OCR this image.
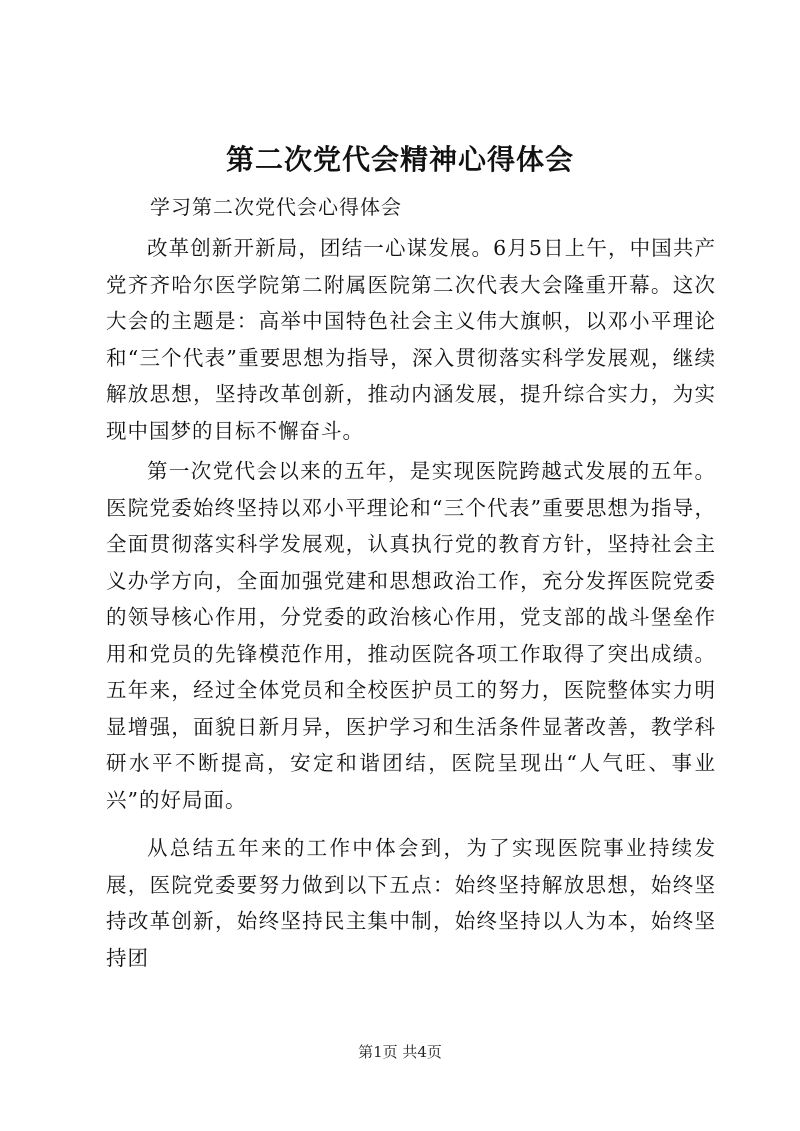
第二次党代会精神心得体会
学习第二次党代会心得体会

改革创新开新局，团结一心谋发展。6月5日上午，中国共产党齐齐哈尔医学院第二附属医院第二次代表大会隆重开幕。这次大会的主题是：高举中国特色社会主义伟大旗帜，以邓小平理论和“三个代表”重要思想为指导，深入贯彻落实科学发展观，继续解放思想，坚持改革创新，推动内涵发展，提升综合实力，为实现中国梦的目标不懈奋斗。

第一次党代会以来的五年，是实现医院跨越式发展的五年。医院党委始终坚持以邓小平理论和“三个代表”重要思想为指导，全面贯彻落实科学发展观，认真执行党的教育方针，坚持社会主义办学方向，全面加强党建和思想政治工作，充分发挥医院党委的领导核心作用，分党委的政治核心作用，党支部的战斗堡垒作用和党员的先锋模范作用，推动医院各项工作取得了突出成绩。五年来，经过全体党员和全校医护员工的努力，医院整体实力明显增强，面貌日新月异，医护学习和生活条件显著改善，教学科研水平不断提高，安定和谐团结，医院呈现出“人气旺、事业兴”的好局面。

从总结五年来的工作中体会到，为了实现医院事业持续发展，医院党委要努力做到以下五点：始终坚持解放思想，始终坚持改革创新，始终坚持民主集中制，始终坚持以人为本，始终坚持团

第1页 共4页
